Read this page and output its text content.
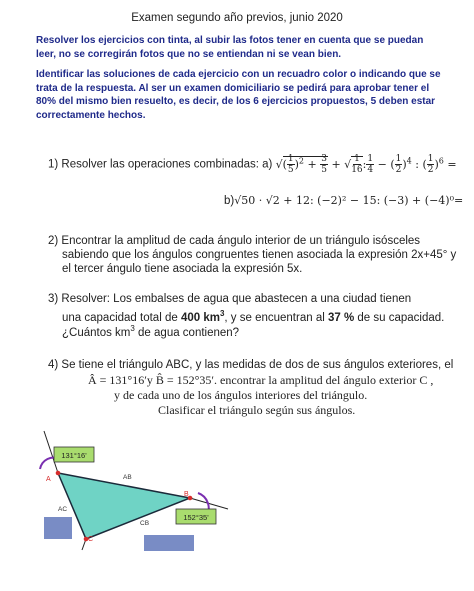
Examen segundo año previos, junio 2020
Resolver los ejercicios con tinta, al subir las fotos tener en cuenta que se puedan leer, no se corregirán fotos que no se entiendan ni se vean bien.
Identificar las soluciones de cada ejercicio con un recuadro color o indicando que se trata de la respuesta. Al ser un examen domiciliario se pedirá para aprobar tener el 80% del mismo bien resuelto, es decir, de los 6 ejercicios propuestos, 5 deben estar correctamente hechos.
1) Resolver las operaciones combinadas: a) √( $\frac{1}{5} )^2 + \frac{3}{5}$ + √ $\frac{1}{16}$ : $\frac{1}{4}$ − ( $\frac{1}{2} )^4$ : ( $\frac{1}{2} )^6$ =
b)√50 · √2 + 12: (−2)² − 15: (−3) + (−4)⁰=
2) Encontrar la amplitud de cada ángulo interior de un triángulo isósceles
sabiendo que los ángulos congruentes tienen asociada la expresión 2x+45° y
el tercer ángulo tiene asociada la expresión 5x.
3) Resolver: Los embalses de agua que abastecen a una ciudad tienen
una capacidad total de 400 $km^3$, y se encuentran al 37 % de su capacidad.
¿Cuántos $km^3$ de agua contienen?
4) Se tiene el triángulo ABC, y las medidas de dos de sus ángulos exteriores, el
Â = 131°16′y B̂ = 152°35′. encontrar la amplitud del ángulo exterior C ,
y de cada uno de los ángulos interiores del triángulo.
Clasificar el triángulo según sus ángulos.
131°16'
152°35'
A
B
C
AB
AC
CB
